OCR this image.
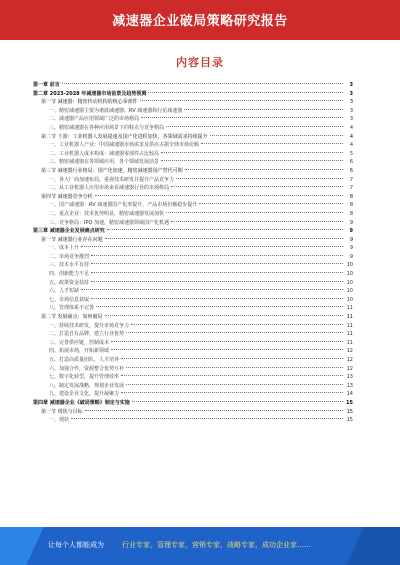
减速器企业破局策略研究报告
内容目录
第一章 前言	3
第二章 2023-2028 年减速器市场前景及趋势预测	3
第一节 减速器：精密传动机构的核心零部件	3
一、精密减速器主要为谐波减速器、RV 减速器和行星减速器	3
二、减速器产品应用领域广泛的市场格局	3
三、精密减速器在各种应用场景下的特点与竞争格局	4
第二节 下游：工业机器人发展提速及国产化进程加快，各领域需求持续提升	4
一、工业机器人产业：中国减速器市场需求及供应占据全球市场份额	4
二、工业机器人成本构成：减速器零部件占比较高	5
三、精密减速器在各领域应用，各个领域发展前景	6
第三节 减速器行业格局：国产化加速，精密减速器国产替代可期	6
一、各大厂商加速布局，重视技术研发并提升产品竞争力	7
二、从工业机器人应用市场来看减速器行业的市场格局	7
第四节 减速器竞争分析	8
一、国产减速器：RV 减速器国产化率提升，产品市场份额稳步提升	8
二、重点企业：技术优势明显，精密减速器发展加快	8
三、竞争格局：IPO 加速，精密减速器领域国产化机遇	9
第三章 减速器企业发展痛点研究	9
第一节 减速器行业存在问题	9
一、成本上升	9
二、市场竞争激烈	9
三、技术水平有待	10
四、创新能力不足	10
五、政策资金扶持	10
六、人才短缺	10
七、市场信息获取	10
八、管理体系不完善	11
第二节 发展痛点：如何破局	11
一、持续技术研发，提升市场竞争力	11
二、打造自有品牌，建立行业优势	11
三、完善供应链，控制成本	11
四、拓展市场，开拓新领域	12
五、打造高质量团队，人才培养	12
六、加强合作，资源整合优势互补	12
七、数字化转型，提升管理效率	13
八、制定发展战略，规划企业发展	13
九、建设企业文化，提升凝聚力	14
第四章 减速器企业《破局策略》制定与实施	15
第一节 现状与目标	15
一、现状	15
让每个人都能成为	行业专家，管理专家，营销专家，战略专家，成功企业家……
